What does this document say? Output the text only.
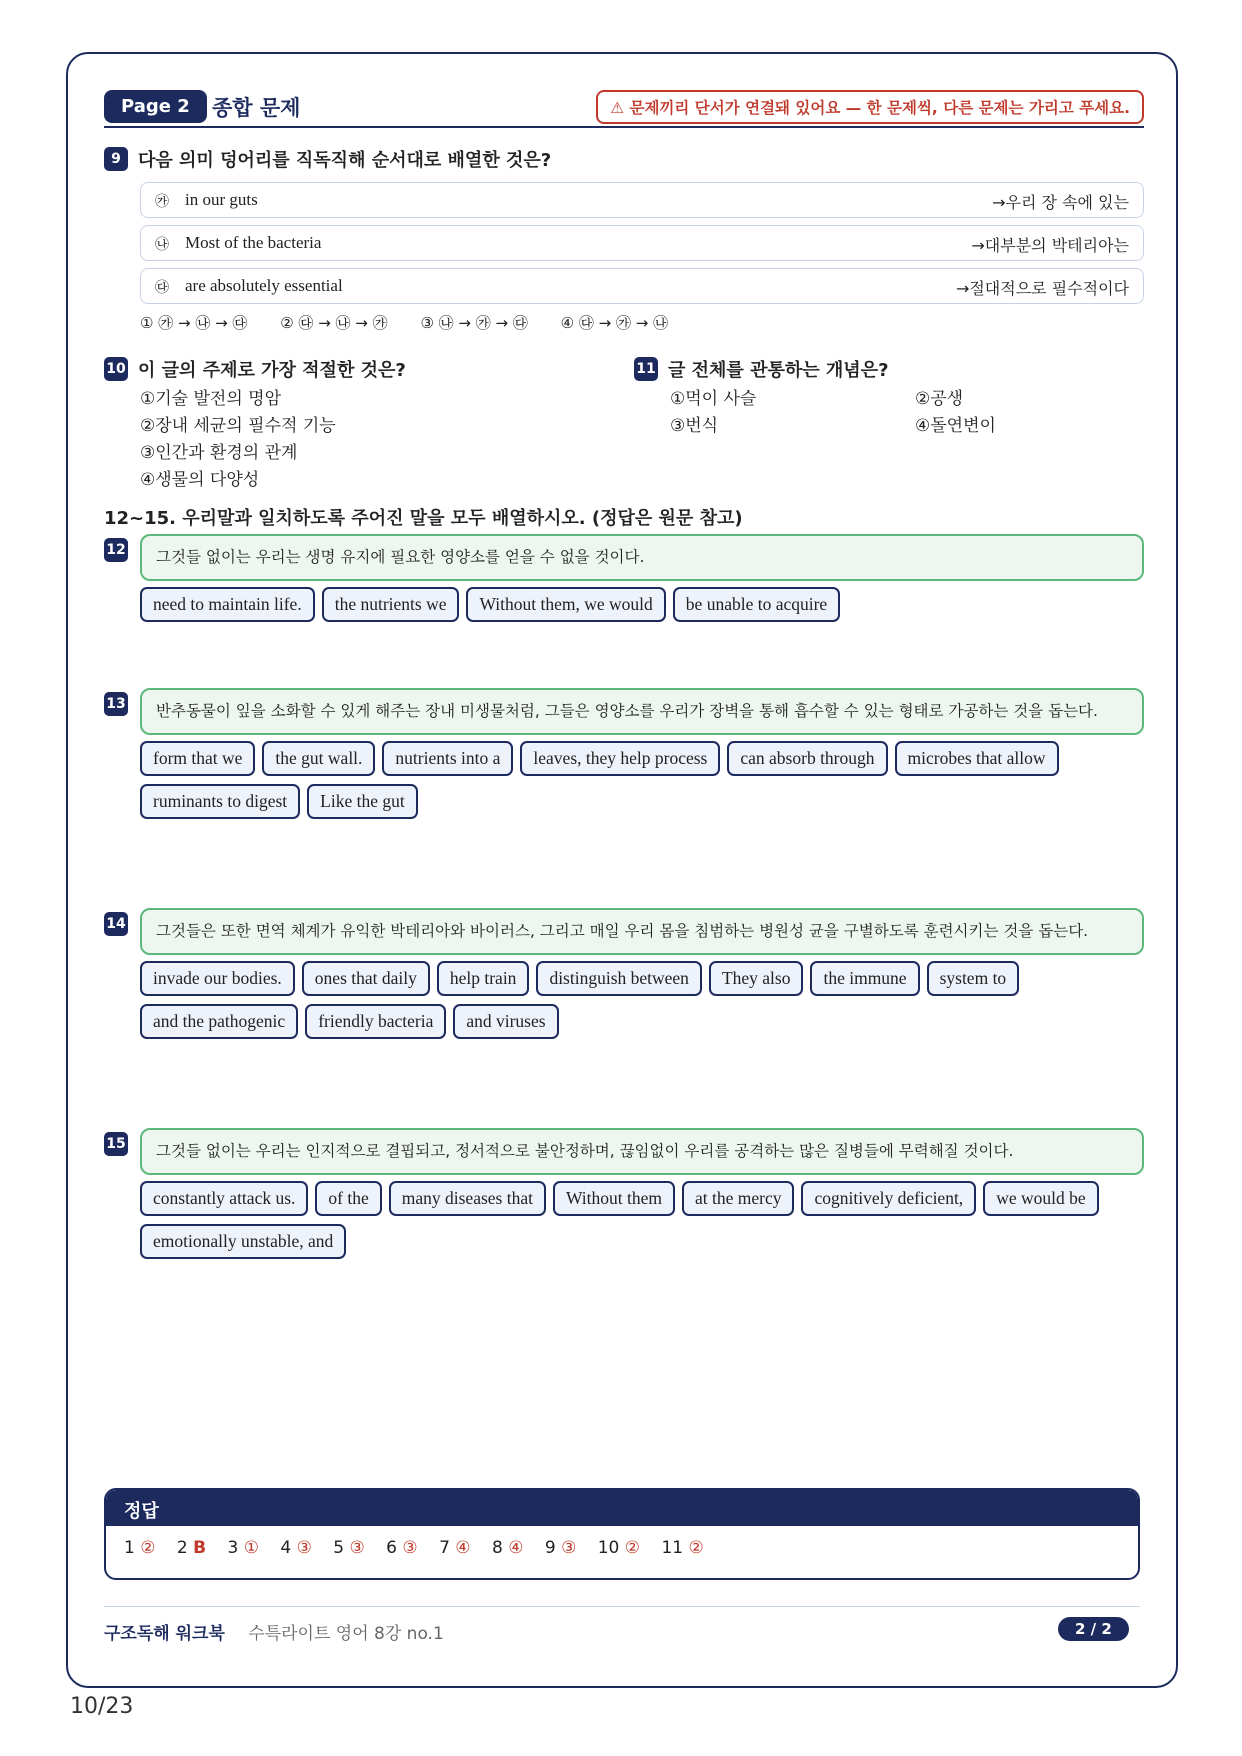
Page 2	종합 문제	⚠ 문제끼리 단서가 연결돼 있어요 — 한 문제씩, 다른 문제는 가리고 푸세요.
9 다음 의미 덩어리를 직독직해 순서대로 배열한 것은?
㉮ in our guts	→우리 장 속에 있는
㉯ Most of the bacteria	→대부분의 박테리아는
㉰ are absolutely essential	→절대적으로 필수적이다
① ㉮ → ㉯ → ㉰ ② ㉰ → ㉯ → ㉮ ③ ㉯ → ㉮ → ㉰ ④ ㉰ → ㉮ → ㉯
10 이 글의 주제로 가장 적절한 것은?
①기술 발전의 명암
②장내 세균의 필수적 기능
③인간과 환경의 관계
④생물의 다양성
11 글 전체를 관통하는 개념은?
①먹이 사슬	②공생
③번식	④돌연변이
12~15. 우리말과 일치하도록 주어진 말을 모두 배열하시오. (정답은 원문 참고)
12	그것들 없이는 우리는 생명 유지에 필요한 영양소를 얻을 수 없을 것이다.
need to maintain life.	the nutrients we	Without them, we would	be unable to acquire
13	반추동물이 잎을 소화할 수 있게 해주는 장내 미생물처럼, 그들은 영양소를 우리가 장벽을 통해 흡수할 수 있는 형태로 가공하는 것을 돕는다.
form that we	the gut wall.	nutrients into a	leaves, they help process	can absorb through	microbes that allow
ruminants to digest	Like the gut
14	그것들은 또한 면역 체계가 유익한 박테리아와 바이러스, 그리고 매일 우리 몸을 침범하는 병원성 균을 구별하도록 훈련시키는 것을 돕는다.
invade our bodies.	ones that daily	help train	distinguish between	They also	the immune	system to
and the pathogenic	friendly bacteria	and viruses
15	그것들 없이는 우리는 인지적으로 결핍되고, 정서적으로 불안정하며, 끊임없이 우리를 공격하는 많은 질병들에 무력해질 것이다.
constantly attack us.	of the	many diseases that	Without them	at the mercy	cognitively deficient,	we would be
emotionally unstable, and
정답
1 ② 2 B 3 ① 4 ③ 5 ③ 6 ③ 7 ④ 8 ④ 9 ③ 10 ② 11 ②
구조독해 워크북 수특라이트 영어 8강 no.1	2 / 2
10/23
